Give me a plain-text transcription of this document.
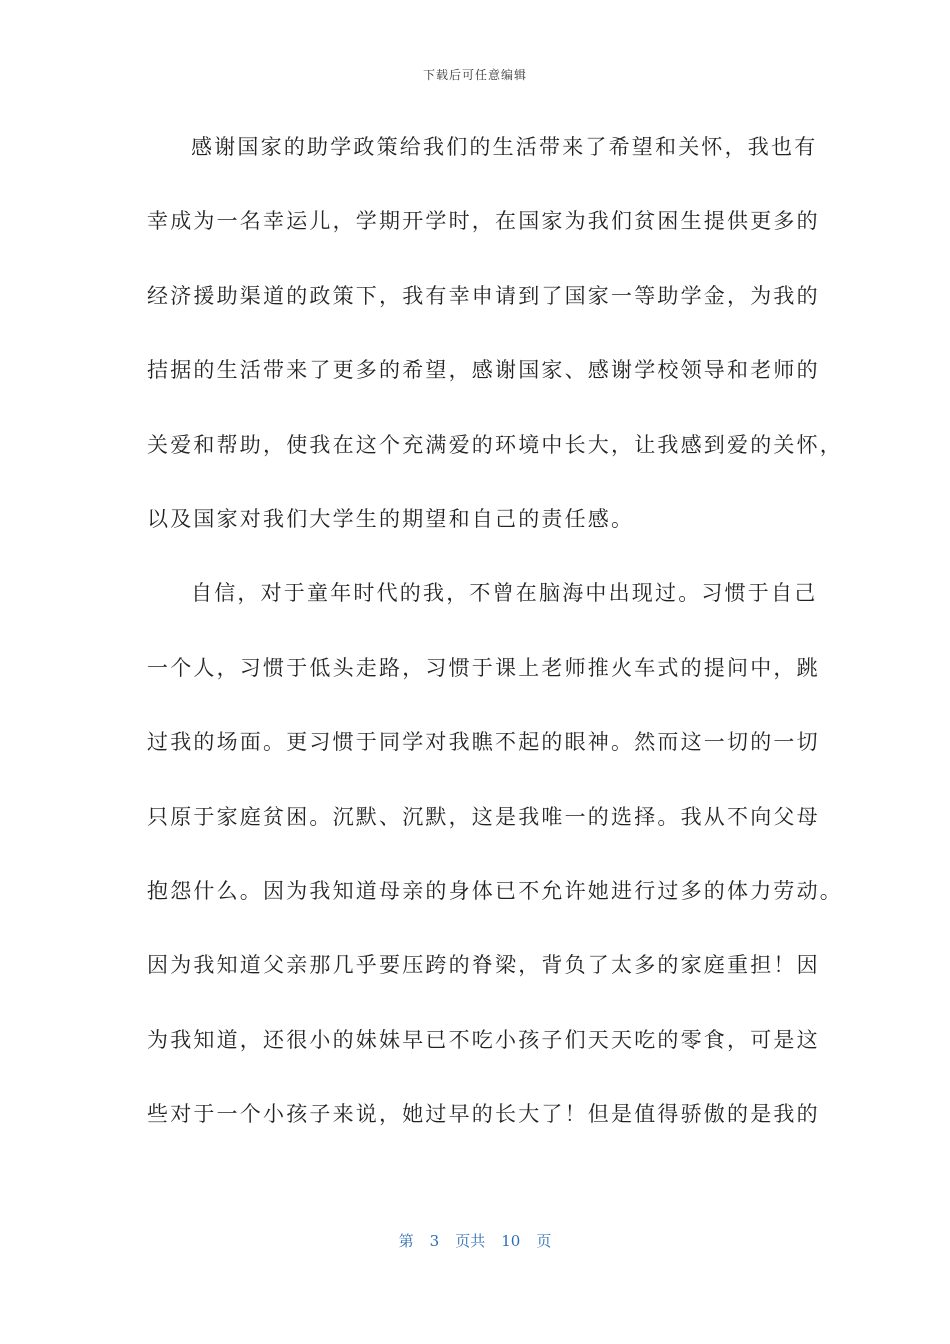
下载后可任意编辑
感谢国家的助学政策给我们的生活带来了希望和关怀，我也有
幸成为一名幸运儿，学期开学时，在国家为我们贫困生提供更多的
经济援助渠道的政策下，我有幸申请到了国家一等助学金，为我的
拮据的生活带来了更多的希望，感谢国家、感谢学校领导和老师的
关爱和帮助，使我在这个充满爱的环境中长大，让我感到爱的关怀，
以及国家对我们大学生的期望和自己的责任感。
自信，对于童年时代的我，不曾在脑海中出现过。习惯于自己
一个人，习惯于低头走路，习惯于课上老师推火车式的提问中，跳
过我的场面。更习惯于同学对我瞧不起的眼神。然而这一切的一切
只原于家庭贫困。沉默、沉默，这是我唯一的选择。我从不向父母
抱怨什么。因为我知道母亲的身体已不允许她进行过多的体力劳动。
因为我知道父亲那几乎要压跨的脊梁，背负了太多的家庭重担！因
为我知道，还很小的妹妹早已不吃小孩子们天天吃的零食，可是这
些对于一个小孩子来说，她过早的长大了！但是值得骄傲的是我的
第 3 页共 10 页
